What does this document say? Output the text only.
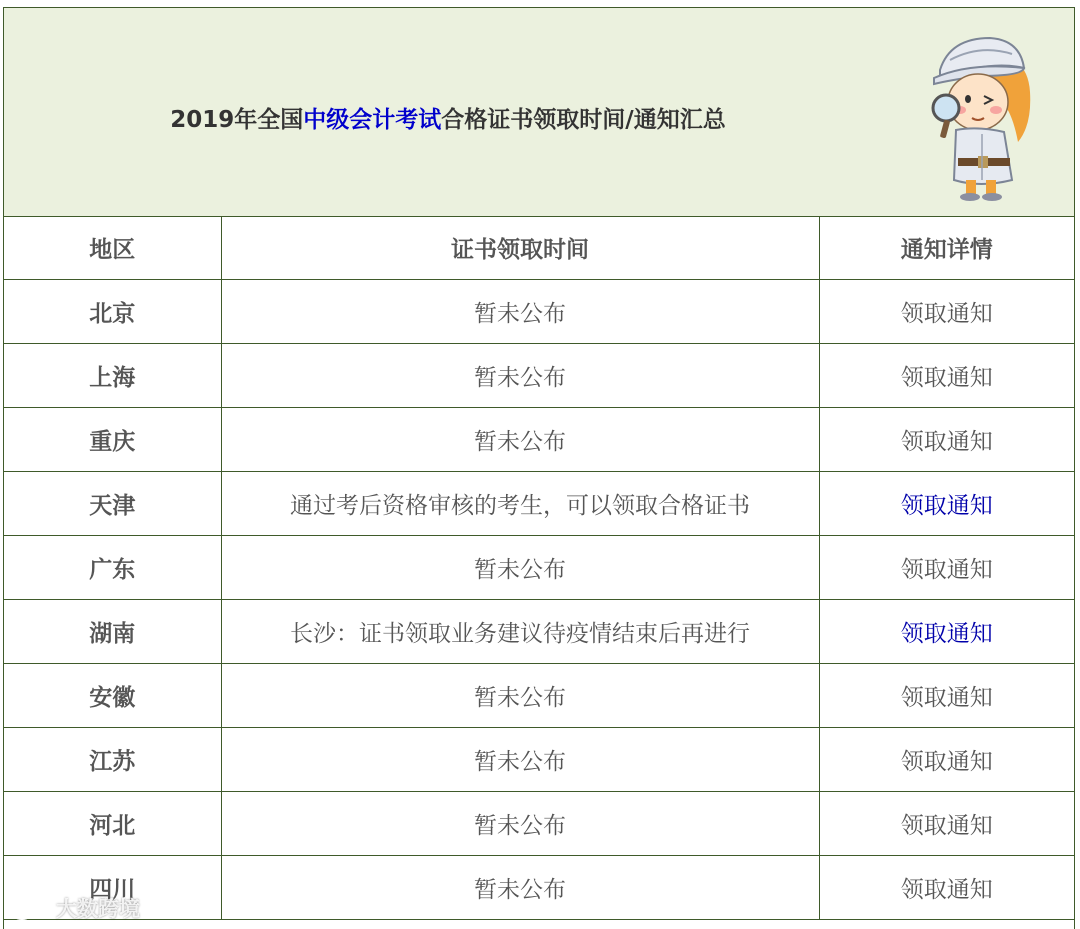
2019年全国中级会计考试合格证书领取时间/通知汇总
地区	证书领取时间	通知详情
北京	暂未公布	领取通知
上海	暂未公布	领取通知
重庆	暂未公布	领取通知
天津	通过考后资格审核的考生，可以领取合格证书	领取通知
广东	暂未公布	领取通知
湖南	长沙：证书领取业务建议待疫情结束后再进行	领取通知
安徽	暂未公布	领取通知
江苏	暂未公布	领取通知
河北	暂未公布	领取通知
四川	暂未公布	领取通知
大数跨境
